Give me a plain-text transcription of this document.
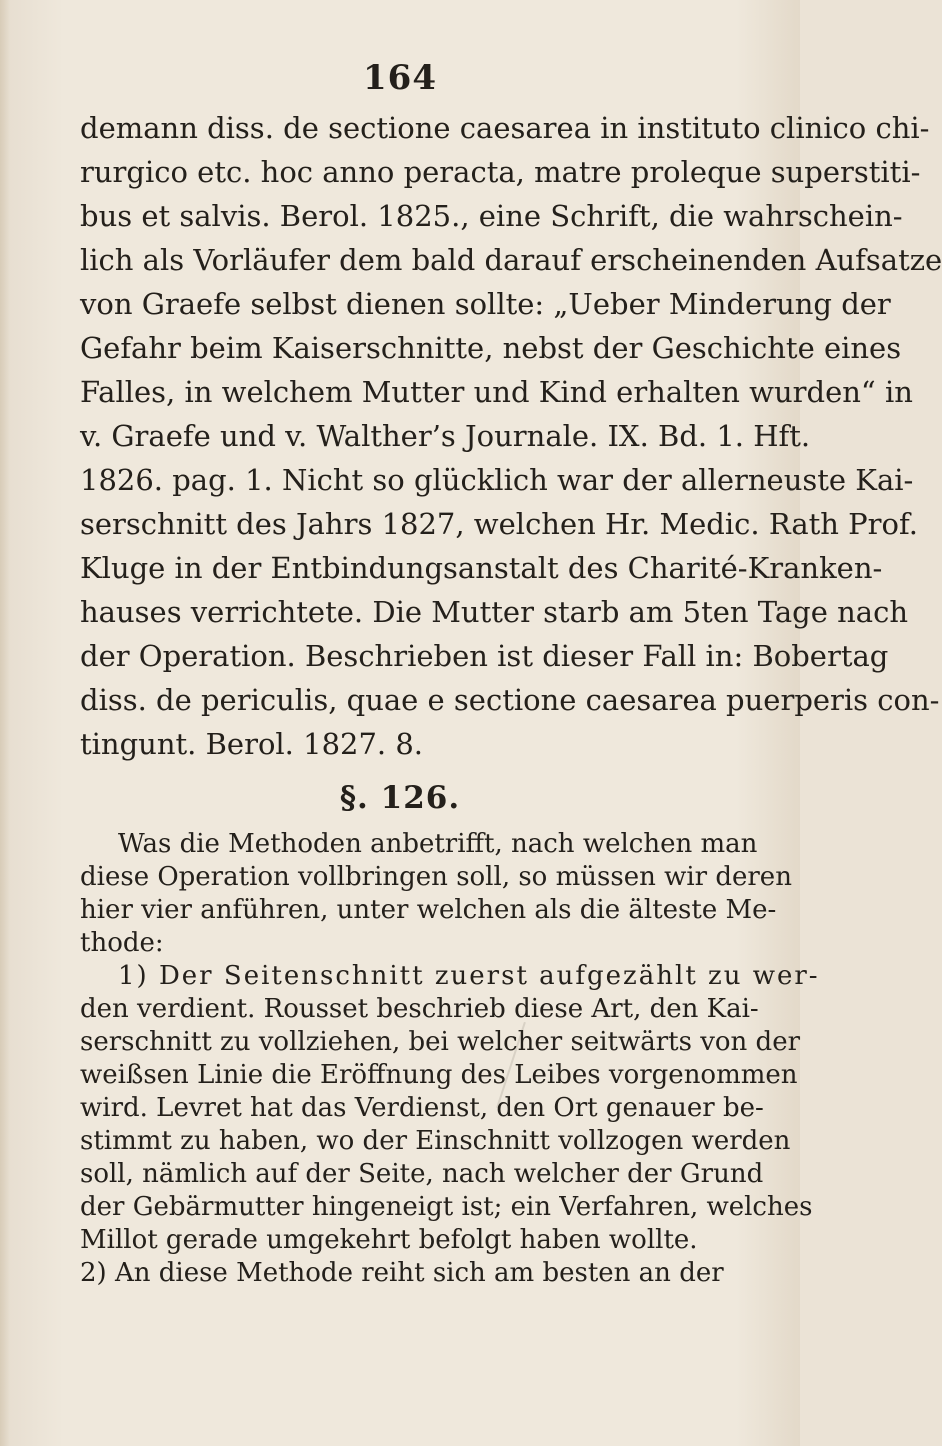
164
demann diss. de sectione caesarea in instituto clinico chi-
rurgico etc. hoc anno peracta, matre proleque superstiti-
bus et salvis. Berol. 1825., eine Schrift, die wahrschein-
lich als Vorläufer dem bald darauf erscheinenden Aufsatze
von Graefe selbst dienen sollte: „Ueber Minderung der
Gefahr beim Kaiserschnitte, nebst der Geschichte eines
Falles, in welchem Mutter und Kind erhalten wurden“ in
v. Graefe und v. Walther’s Journale. IX. Bd. 1. Hft.
1826. pag. 1. Nicht so glücklich war der allerneuste Kai-
serschnitt des Jahrs 1827, welchen Hr. Medic. Rath Prof.
Kluge in der Entbindungsanstalt des Charité-Kranken-
hauses verrichtete. Die Mutter starb am 5ten Tage nach
der Operation. Beschrieben ist dieser Fall in: Bobertag
diss. de periculis, quae e sectione caesarea puerperis con-
tingunt. Berol. 1827. 8.
§. 126.
Was die Methoden anbetrifft, nach welchen man
diese Operation vollbringen soll, so müssen wir deren
hier vier anführen, unter welchen als die älteste Me-
thode:
1) Der Seitenschnitt zuerst aufgezählt zu wer-
den verdient. Rousset beschrieb diese Art, den Kai-
serschnitt zu vollziehen, bei welcher seitwärts von der
weißsen Linie die Eröffnung des Leibes vorgenommen
wird. Levret hat das Verdienst, den Ort genauer be-
stimmt zu haben, wo der Einschnitt vollzogen werden
soll, nämlich auf der Seite, nach welcher der Grund
der Gebärmutter hingeneigt ist; ein Verfahren, welches
Millot gerade umgekehrt befolgt haben wollte.
2) An diese Methode reiht sich am besten an der
